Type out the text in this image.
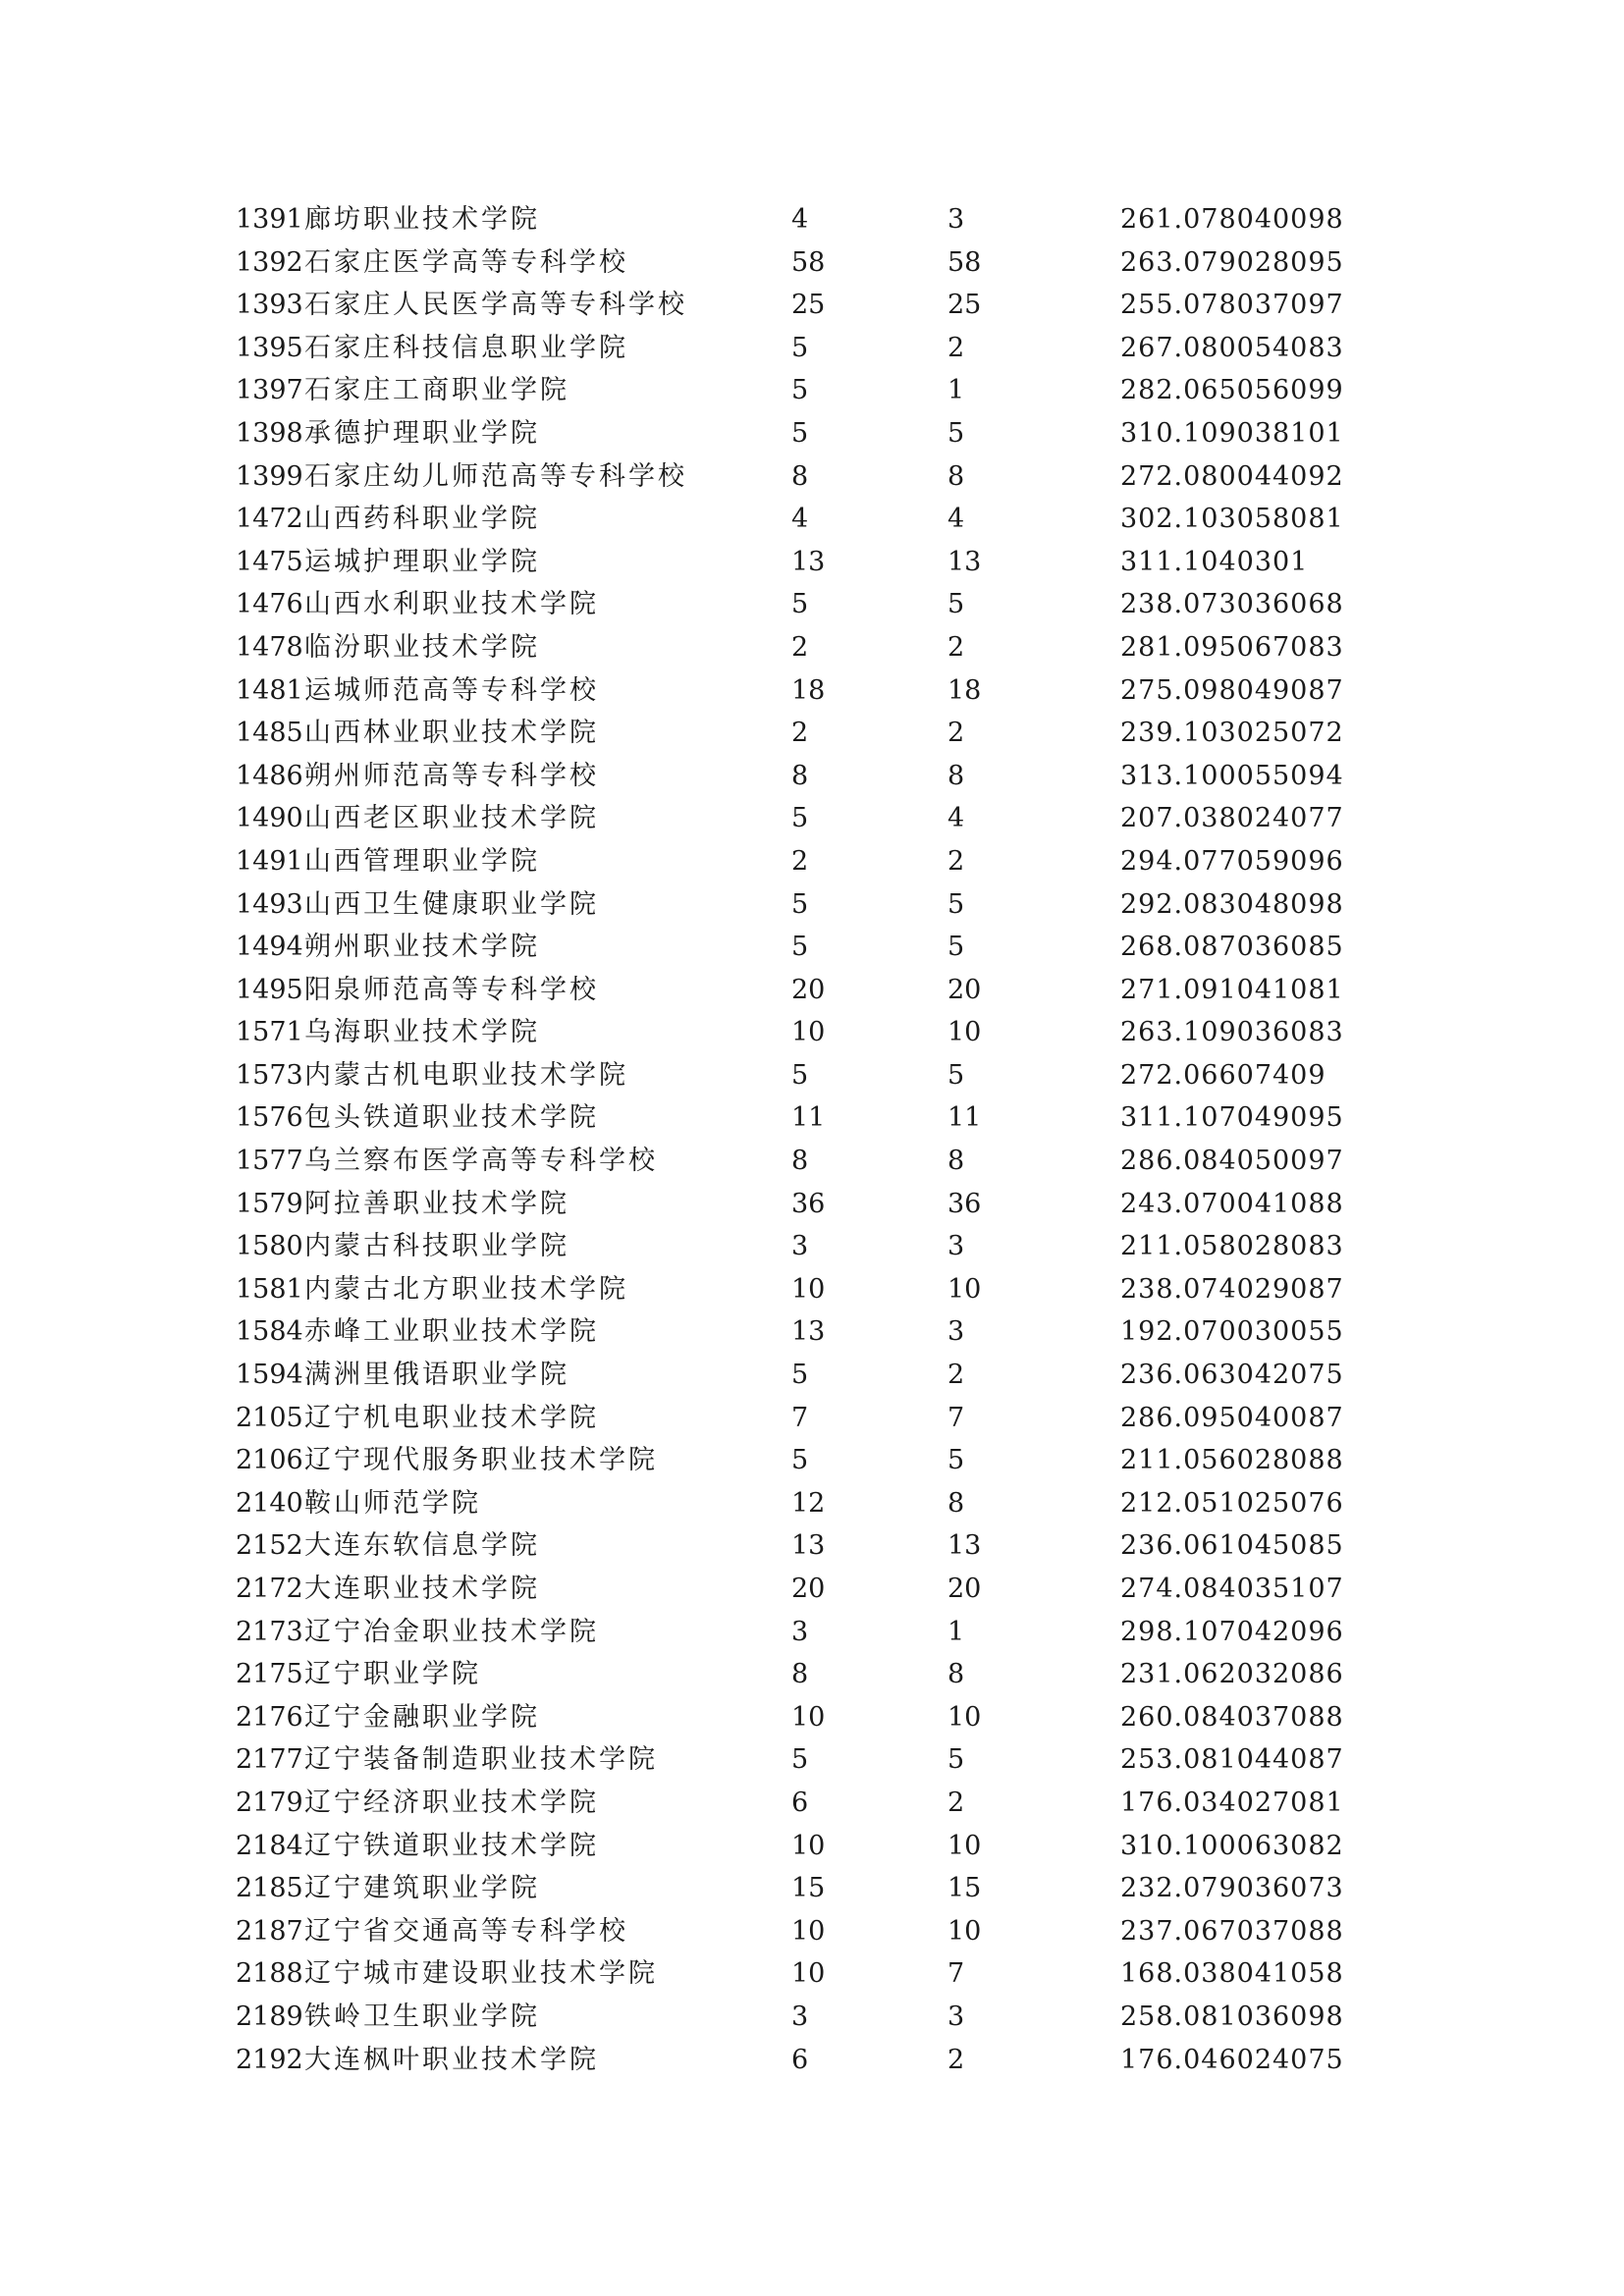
1391 廊坊职业技术学院	4	3	261.078040098
1392 石家庄医学高等专科学校	58	58	263.079028095
1393 石家庄人民医学高等专科学校	25	25	255.078037097
1395 石家庄科技信息职业学院	5	2	267.080054083
1397 石家庄工商职业学院	5	1	282.065056099
1398 承德护理职业学院	5	5	310.109038101
1399 石家庄幼儿师范高等专科学校	8	8	272.080044092
1472 山西药科职业学院	4	4	302.103058081
1475 运城护理职业学院	13	13	311.1040301
1476 山西水利职业技术学院	5	5	238.073036068
1478 临汾职业技术学院	2	2	281.095067083
1481 运城师范高等专科学校	18	18	275.098049087
1485 山西林业职业技术学院	2	2	239.103025072
1486 朔州师范高等专科学校	8	8	313.100055094
1490 山西老区职业技术学院	5	4	207.038024077
1491 山西管理职业学院	2	2	294.077059096
1493 山西卫生健康职业学院	5	5	292.083048098
1494 朔州职业技术学院	5	5	268.087036085
1495 阳泉师范高等专科学校	20	20	271.091041081
1571 乌海职业技术学院	10	10	263.109036083
1573 内蒙古机电职业技术学院	5	5	272.06607409
1576 包头铁道职业技术学院	11	11	311.107049095
1577 乌兰察布医学高等专科学校	8	8	286.084050097
1579 阿拉善职业技术学院	36	36	243.070041088
1580 内蒙古科技职业学院	3	3	211.058028083
1581 内蒙古北方职业技术学院	10	10	238.074029087
1584 赤峰工业职业技术学院	13	3	192.070030055
1594 满洲里俄语职业学院	5	2	236.063042075
2105 辽宁机电职业技术学院	7	7	286.095040087
2106 辽宁现代服务职业技术学院	5	5	211.056028088
2140 鞍山师范学院	12	8	212.051025076
2152 大连东软信息学院	13	13	236.061045085
2172 大连职业技术学院	20	20	274.084035107
2173 辽宁冶金职业技术学院	3	1	298.107042096
2175 辽宁职业学院	8	8	231.062032086
2176 辽宁金融职业学院	10	10	260.084037088
2177 辽宁装备制造职业技术学院	5	5	253.081044087
2179 辽宁经济职业技术学院	6	2	176.034027081
2184 辽宁铁道职业技术学院	10	10	310.100063082
2185 辽宁建筑职业学院	15	15	232.079036073
2187 辽宁省交通高等专科学校	10	10	237.067037088
2188 辽宁城市建设职业技术学院	10	7	168.038041058
2189 铁岭卫生职业学院	3	3	258.081036098
2192 大连枫叶职业技术学院	6	2	176.046024075
